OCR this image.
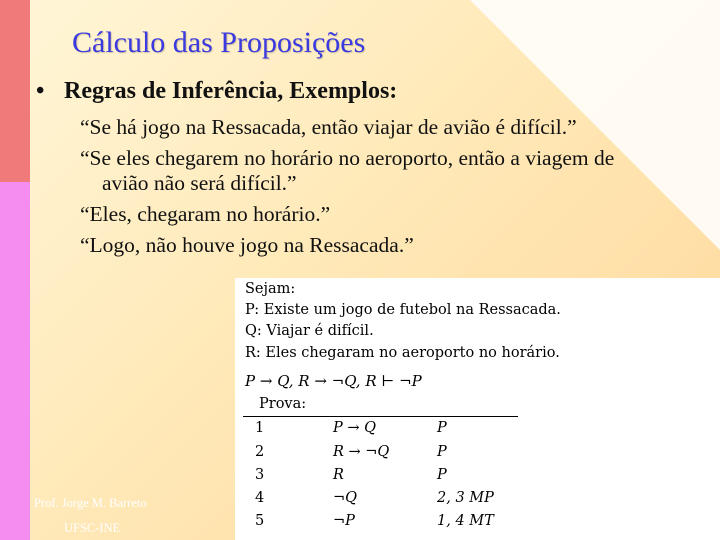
Cálculo das Proposições
• Regras de Inferência, Exemplos:
“Se há jogo na Ressacada, então viajar de avião é difícil.”
“Se eles chegarem no horário no aeroporto, então a viagem de
avião não será difícil.”
“Eles, chegaram no horário.”
“Logo, não houve jogo na Ressacada.”
Sejam:
P: Existe um jogo de futebol na Ressacada.
Q: Viajar é difícil.
R: Eles chegaram no aeroporto no horário.
P → Q, R → ¬Q, R ⊢ ¬P
Prova:
1	P → Q	P
2	R → ¬Q	P
3	R	P
4	¬Q	2, 3 MP
5	¬P	1, 4 MT
Prof. Jorge M. Barreto
UFSC-INE
